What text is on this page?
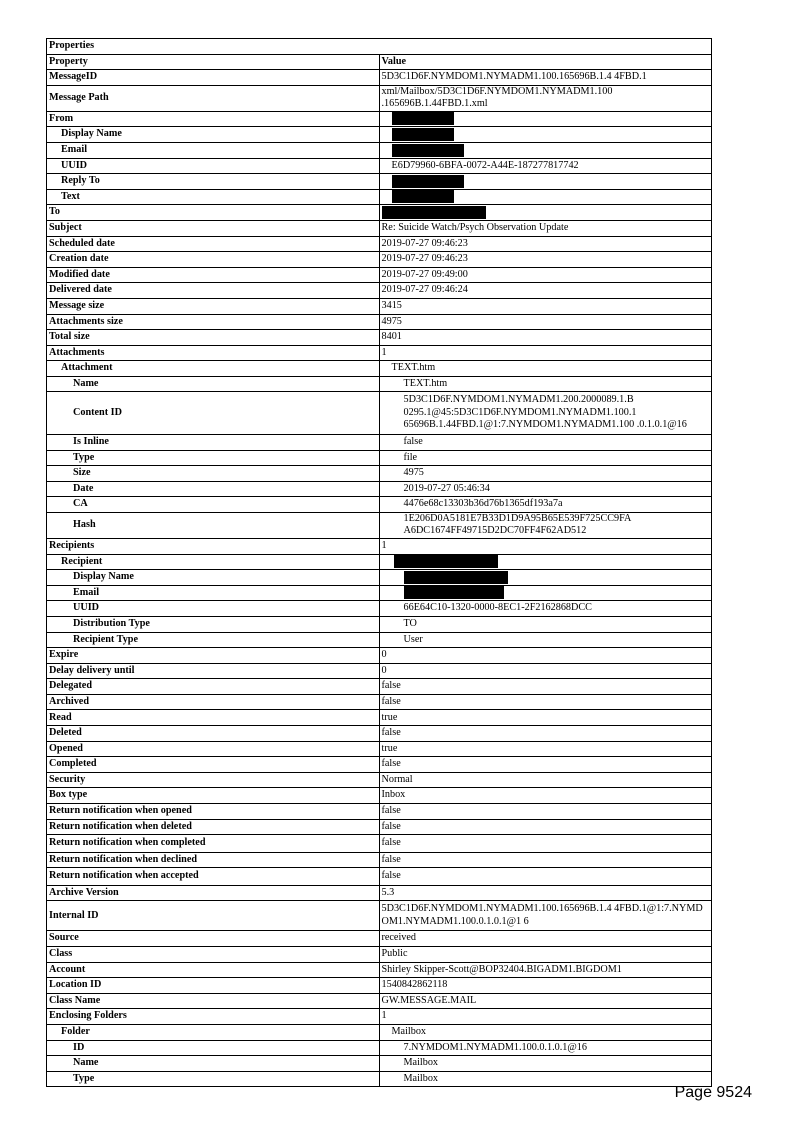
Properties	
Property	Value
MessageID	5D3C1D6F.NYMDOM1.NYMADM1.100.165696B.1.4 4FBD.1
Message Path	xml/Mailbox/5D3C1D6F.NYMDOM1.NYMADM1.100 .165696B.1.44FBD.1.xml
From	
Display Name	
Email	
UUID	E6D79960-6BFA-0072-A44E-187277817742
Reply To	
Text	
To	
Subject	Re: Suicide Watch/Psych Observation Update
Scheduled date	2019-07-27 09:46:23
Creation date	2019-07-27 09:46:23
Modified date	2019-07-27 09:49:00
Delivered date	2019-07-27 09:46:24
Message size	3415
Attachments size	4975
Total size	8401
Attachments	1
Attachment	TEXT.htm
Name	TEXT.htm
Content ID	5D3C1D6F.NYMDOM1.NYMADM1.200.2000089.1.B 0295.1@45:5D3C1D6F.NYMDOM1.NYMADM1.100.1 65696B.1.44FBD.1@1:7.NYMDOM1.NYMADM1.100 .0.1.0.1@16
Is Inline	false
Type	file
Size	4975
Date	2019-07-27 05:46:34
CA	4476e68c13303b36d76b1365df193a7a
Hash	1E206D0A5181E7B33D1D9A95B65E539F725CC9FA A6DC1674FF49715D2DC70FF4F62AD512
Recipients	1
Recipient	
Display Name	
Email	
UUID	66E64C10-1320-0000-8EC1-2F2162868DCC
Distribution Type	TO
Recipient Type	User
Expire	0
Delay delivery until	0
Delegated	false
Archived	false
Read	true
Deleted	false
Opened	true
Completed	false
Security	Normal
Box type	Inbox
Return notification when opened	false
Return notification when deleted	false
Return notification when completed	false
Return notification when declined	false
Return notification when accepted	false
Archive Version	5.3
Internal ID	5D3C1D6F.NYMDOM1.NYMADM1.100.165696B.1.4 4FBD.1@1:7.NYMDOM1.NYMADM1.100.0.1.0.1@1 6
Source	received
Class	Public
Account	Shirley Skipper-Scott@BOP32404.BIGADM1.BIGDOM1
Location ID	1540842862118
Class Name	GW.MESSAGE.MAIL
Enclosing Folders	1
Folder	Mailbox
ID	7.NYMDOM1.NYMADM1.100.0.1.0.1@16
Name	Mailbox
Type	Mailbox
Page 9524
